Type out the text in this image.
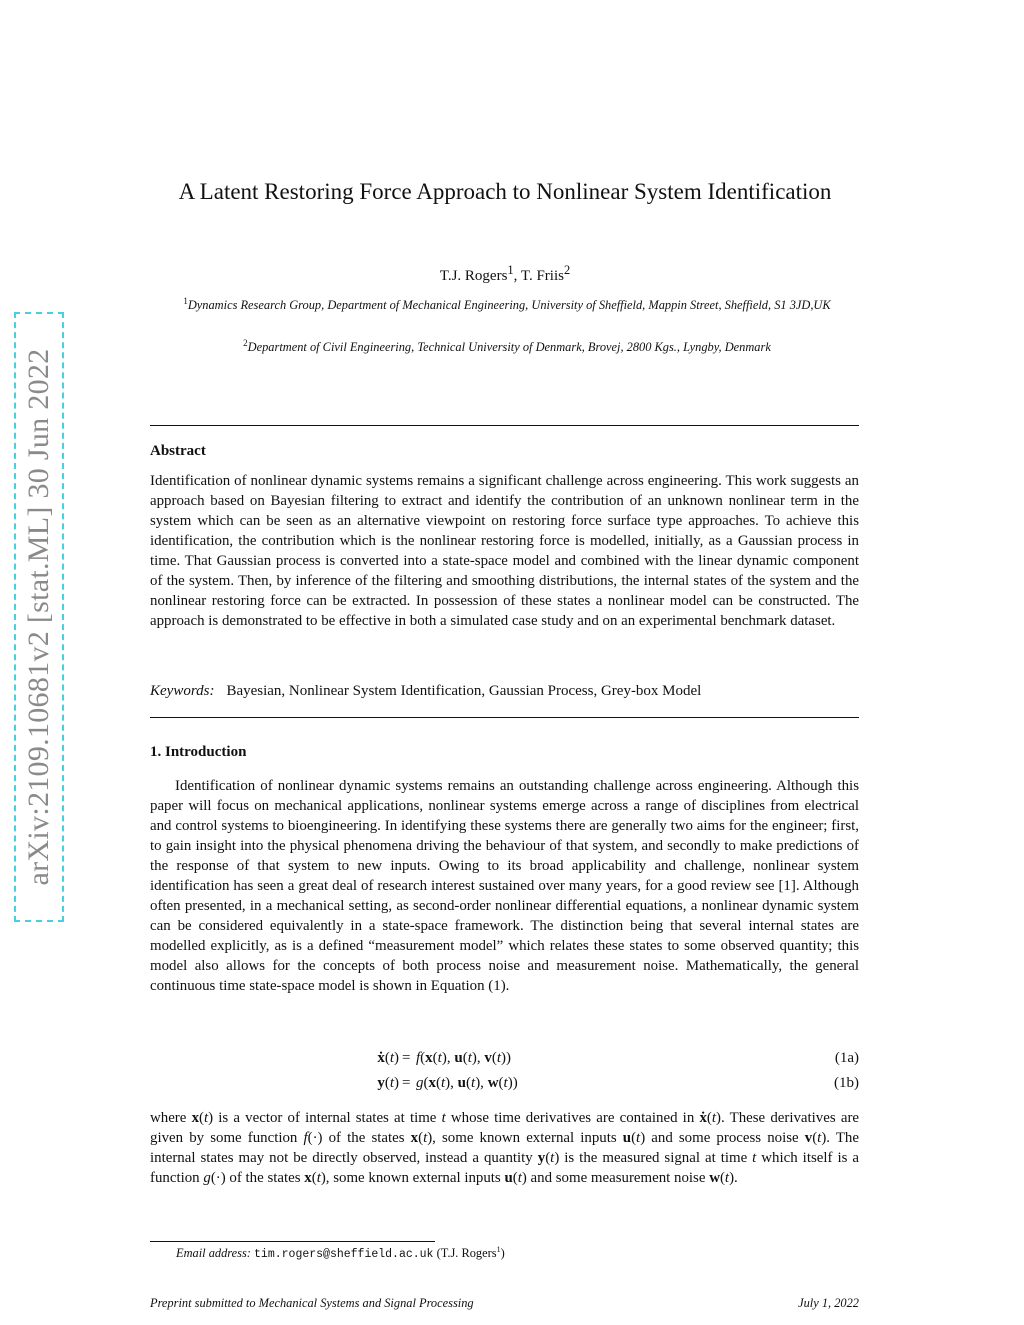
arXiv:2109.10681v2 [stat.ML] 30 Jun 2022
A Latent Restoring Force Approach to Nonlinear System Identification
T.J. Rogers$^1$, T. Friis$^2$
$^1$Dynamics Research Group, Department of Mechanical Engineering, University of Sheffield, Mappin Street, Sheffield, S1 3JD,UK
$^2$Department of Civil Engineering, Technical University of Denmark, Brovej, 2800 Kgs., Lyngby, Denmark
Abstract
Identification of nonlinear dynamic systems remains a significant challenge across engineering. This work suggests an approach based on Bayesian filtering to extract and identify the contribution of an unknown nonlinear term in the system which can be seen as an alternative viewpoint on restoring force surface type approaches. To achieve this identification, the contribution which is the nonlinear restoring force is modelled, initially, as a Gaussian process in time. That Gaussian process is converted into a state-space model and combined with the linear dynamic component of the system. Then, by inference of the filtering and smoothing distributions, the internal states of the system and the nonlinear restoring force can be extracted. In possession of these states a nonlinear model can be constructed. The approach is demonstrated to be effective in both a simulated case study and on an experimental benchmark dataset.
Keywords: Bayesian, Nonlinear System Identification, Gaussian Process, Grey-box Model
1. Introduction
Identification of nonlinear dynamic systems remains an outstanding challenge across engineering. Although this paper will focus on mechanical applications, nonlinear systems emerge across a range of disciplines from electrical and control systems to bioengineering. In identifying these systems there are generally two aims for the engineer; first, to gain insight into the physical phenomena driving the behaviour of that system, and secondly to make predictions of the response of that system to new inputs. Owing to its broad applicability and challenge, nonlinear system identification has seen a great deal of research interest sustained over many years, for a good review see [1]. Although often presented, in a mechanical setting, as second-order nonlinear differential equations, a nonlinear dynamic system can be considered equivalently in a state-space framework. The distinction being that several internal states are modelled explicitly, as is a defined “measurement model” which relates these states to some observed quantity; this model also allows for the concepts of both process noise and measurement noise. Mathematically, the general continuous time state-space model is shown in Equation (1).
ẋ(t) = f(x(t), u(t), v(t))	(1a)
y(t) = g(x(t), u(t), w(t))	(1b)
where x(t) is a vector of internal states at time t whose time derivatives are contained in ẋ(t). These derivatives are given by some function f(·) of the states x(t), some known external inputs u(t) and some process noise v(t). The internal states may not be directly observed, instead a quantity y(t) is the measured signal at time t which itself is a function g(·) of the states x(t), some known external inputs u(t) and some measurement noise w(t).
Email address: tim.rogers@sheffield.ac.uk (T.J. Rogers$^1$)
Preprint submitted to Mechanical Systems and Signal Processing	July 1, 2022
